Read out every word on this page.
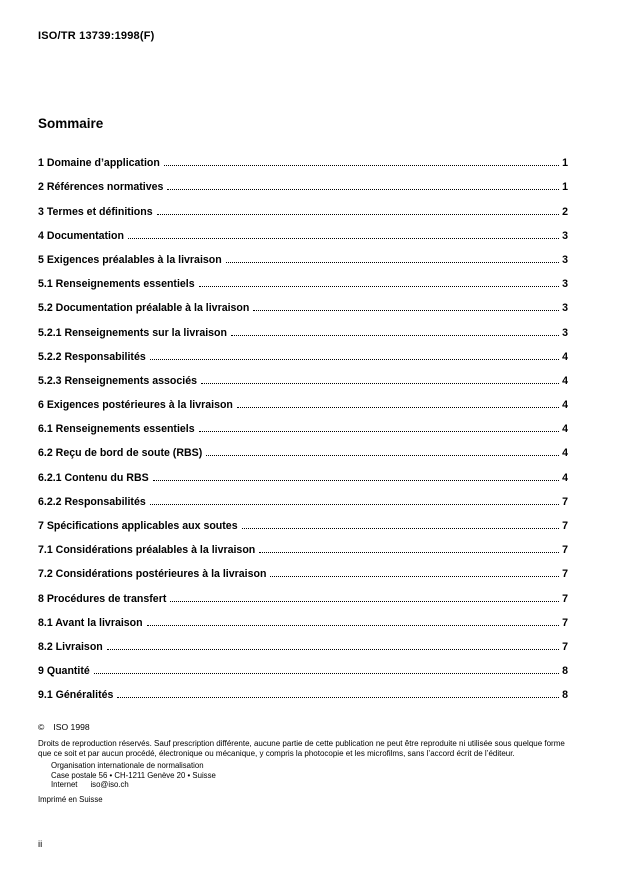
ISO/TR 13739:1998(F)
Sommaire
1 Domaine d’application	1
2 Références normatives	1
3 Termes et définitions	2
4 Documentation	3
5 Exigences préalables à la livraison	3
5.1 Renseignements essentiels	3
5.2 Documentation préalable à la livraison	3
5.2.1 Renseignements sur la livraison	3
5.2.2 Responsabilités	4
5.2.3 Renseignements associés	4
6 Exigences postérieures à la livraison	4
6.1 Renseignements essentiels	4
6.2 Reçu de bord de soute (RBS)	4
6.2.1 Contenu du RBS	4
6.2.2 Responsabilités	7
7 Spécifications applicables aux soutes	7
7.1 Considérations préalables à la livraison	7
7.2 Considérations postérieures à la livraison	7
8 Procédures de transfert	7
8.1 Avant la livraison	7
8.2 Livraison	7
9 Quantité	8
9.1 Généralités	8
© ISO 1998
Droits de reproduction réservés. Sauf prescription différente, aucune partie de cette publication ne peut être reproduite ni utilisée sous quelque forme que ce soit et par aucun procédé, électronique ou mécanique, y compris la photocopie et les microfilms, sans l’accord écrit de l’éditeur.
Organisation internationale de normalisation
Case postale 56 • CH-1211 Genève 20 • Suisse
Internet iso@iso.ch
Imprimé en Suisse
ii
